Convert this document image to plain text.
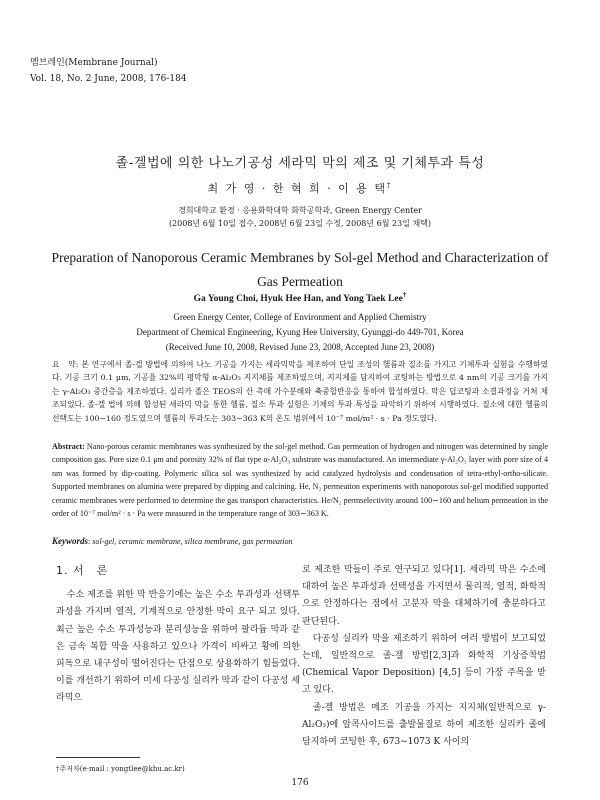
멤브레인(Membrane Journal)
Vol. 18, No. 2 June, 2008, 176-184
졸-겔법에 의한 나노기공성 세라믹 막의 제조 및 기체투과 특성
최 가 영 · 한 혁 희 · 이 용 택†
경희대학교 환경 · 응용화학대학 화학공학과, Green Energy Center
(2008년 6월 10일 접수, 2008년 6월 23일 수정, 2008년 6월 23일 채택)
Preparation of Nanoporous Ceramic Membranes by Sol-gel Method and Characterization of Gas Permeation
Ga Young Choi, Hyuk Hee Han, and Yong Taek Lee†
Green Energy Center, College of Environment and Applied Chemistry
Department of Chemical Engineering, Kyung Hee University, Gyunggi-do 449-701, Korea
(Received June 10, 2008, Revised June 23, 2008, Accepted June 23, 2008)
요　약: 본 연구에서 졸-겔 방법에 의하여 나노 기공을 가지는 세라믹막을 제조하여 단일 조성의 헬륨과 질소를 가지고 기체투과 실험을 수행하였다. 기공 크기 0.1 μm, 기공율 32%의 평막형 α-Al₂O₃ 지지체를 제조하였으며, 지지체를 담지하여 코팅하는 방법으로 4 nm의 기공 크기를 가지는 γ-Al₂O₃ 중간층을 제조하였다. 실리카 졸은 TEOS의 산 촉매 가수분해와 축중합반응을 통하여 합성하였다. 막은 딥코팅과 소결과정을 거쳐 제조되었다. 졸-겔 법에 의해 합성된 세라믹 막을 통한 헬륨, 질소 투과 실험은 기체의 투과 특성을 파악하기 위하여 시행하였다. 질소에 대한 헬륨의 선택도는 100∼160 정도였으며 헬륨의 투과도는 303∼363 K의 온도 범위에서 10⁻⁷ mol/m² · s · Pa 정도였다.
Abstract: Nano-porous ceramic membranes was synthesized by the sol-gel method. Gas permeation of hydrogen and nitrogen was determined by single composition gas. Pore size 0.1 μm and porosity 32% of flat type α-Al₂O₃ substrate was manufactured. An intermediate γ-Al₂O₃ layer with pore size of 4 nm was formed by dip-coating. Polymeric silica sol was synthesized by acid catalyzed hydrolysis and condensation of tetra-ethyl-ortho-silicate. Supported membranes on alumina were prepared by dipping and calcining. He, N₂ permeation experiments with nanoporous sol-gel modified supported ceramic membranes were performed to determine the gas transport characteristics. He/N₂ permselectivity around 100∼160 and helium permeation in the order of 10⁻⁷ mol/m² · s · Pa were measured in the temperature range of 303∼363 K.
Keywords: sol-gel, ceramic membrane, silica membrane, gas permeation
1. 서　론

수소 제조를 위한 막 반응기에는 높은 수소 투과성과 선택투과성을 가지며 열적, 기계적으로 안정한 막이 요구 되고 있다. 최근 높은 수소 투과성능과 분리성능을 위하여 팔라듐 막과 같은 금속 복합 막을 사용하고 있으나 가격이 비싸고 황에 의한 피독으로 내구성이 떨어진다는 단점으로 상용화하기 힘들었다. 이를 개선하기 위하여 미세 다공성 실리카 막과 같이 다공성 세라믹으

로 제조한 막들이 주로 연구되고 있다[1]. 세라믹 막은 수소에 대하여 높은 투과성과 선택성을 가지면서 물리적, 열적, 화학적으로 안정하다는 점에서 고분자 막을 대체하기에 충분하다고 판단된다.

다공성 실리카 막을 제조하기 위하여 여러 방법이 보고되었는데, 일반적으로 졸-겔 방법[2,3]과 화학적 기상증착법(Chemical Vapor Deposition) [4,5] 등이 가장 주목을 받고 있다.

졸-겔 방법은 메조 기공을 가지는 지지체(일반적으로 γ-Al₂O₃)에 알콕사이드를 출발물질로 하여 제조한 실리카 졸에 담지하여 코팅한 후, 673∼1073 K 사이의

†주저자(e-mail : yongtlee@khu.ac.kr)
176
